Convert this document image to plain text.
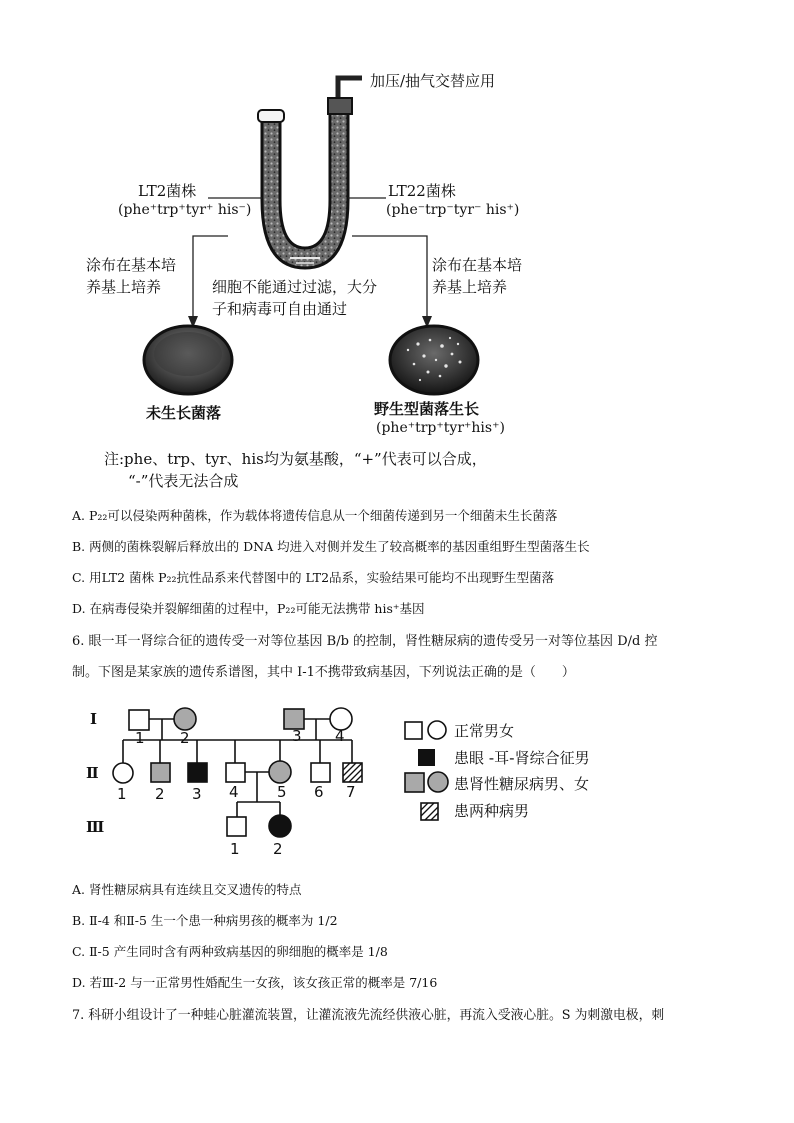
加压/抽气交替应用
LT2菌株
(phe⁺trp⁺tyr⁺ his⁻)
LT22菌株
(phe⁻trp⁻tyr⁻ his⁺)
涂布在基本培
养基上培养
涂布在基本培
养基上培养
细胞不能通过过滤，大分
子和病毒可自由通过
未生长菌落	野生型菌落生长
(phe⁺trp⁺tyr⁺his⁺)
注:phe、trp、tyr、his均为氨基酸，“+”代表可以合成，
“-”代表无法合成
A. P₂₂可以侵染两种菌株，作为载体将遗传信息从一个细菌传递到另一个细菌未生长菌落
B. 两侧的菌株裂解后释放出的 DNA 均进入对侧并发生了较高概率的基因重组野生型菌落生长
C. 用LT2 菌株 P₂₂抗性品系来代替图中的 LT2品系，实验结果可能均不出现野生型菌落
D. 在病毒侵染并裂解细菌的过程中，P₂₂可能无法携带 his⁺基因
6. 眼一耳一肾综合征的遗传受一对等位基因 B/b 的控制，肾性糖尿病的遗传受另一对等位基因 D/d 控
制。下图是某家族的遗传系谱图，其中 I-1不携带致病基因，下列说法正确的是（　　）
Ⅰ
Ⅱ
Ⅲ
1 2	3 4
1 2 3 4	5 6 7
1 2
正常男女
患眼 -耳-肾综合征男
患肾性糖尿病男、女
患两种病男
A. 肾性糖尿病具有连续且交叉遗传的特点
B. Ⅱ-4 和Ⅱ-5 生一个患一种病男孩的概率为 1/2
C. Ⅱ-5 产生同时含有两种致病基因的卵细胞的概率是 1/8
D. 若Ⅲ-2 与一正常男性婚配生一女孩，该女孩正常的概率是 7/16
7. 科研小组设计了一种蛙心脏灌流装置，让灌流液先流经供液心脏，再流入受液心脏。S 为刺激电极，刺
